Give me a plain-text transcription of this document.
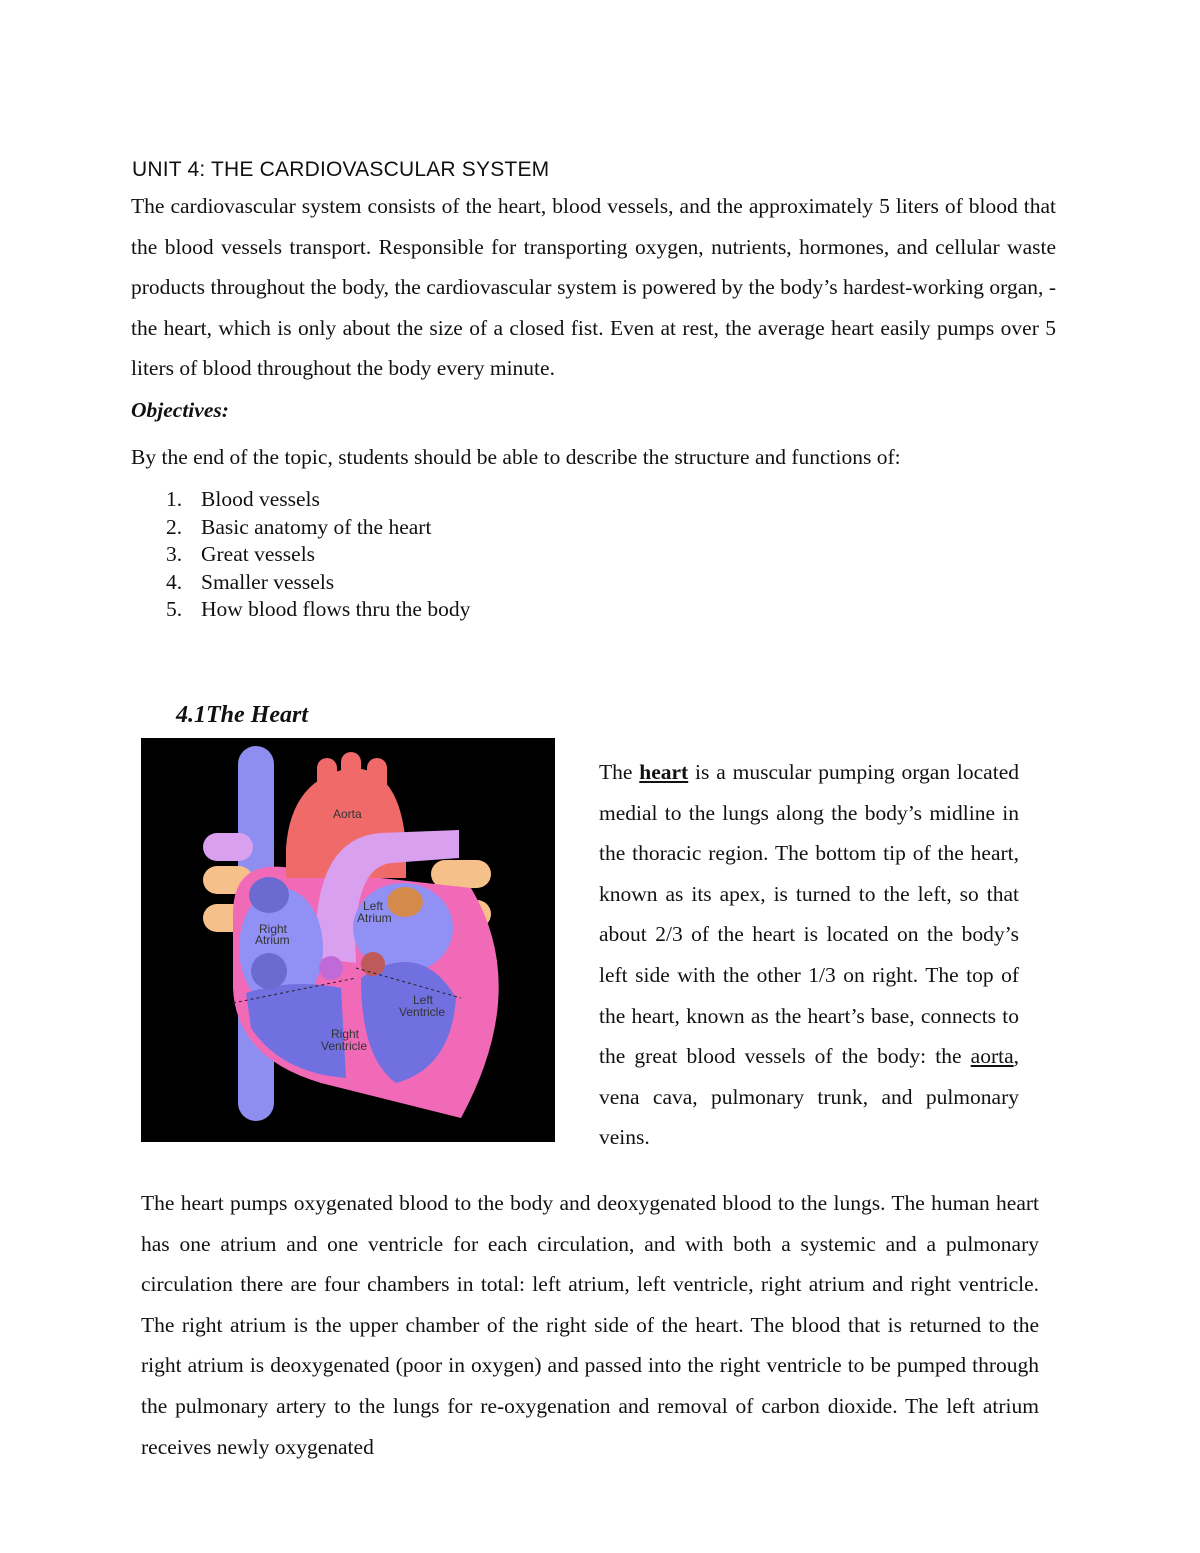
UNIT 4: THE CARDIOVASCULAR SYSTEM

The cardiovascular system consists of the heart, blood vessels, and the approximately 5 liters of blood that the blood vessels transport. Responsible for transporting oxygen, nutrients, hormones, and cellular waste products throughout the body, the cardiovascular system is powered by the body’s hardest-working organ, - the heart, which is only about the size of a closed fist. Even at rest, the average heart easily pumps over 5 liters of blood throughout the body every minute.

Objectives:

By the end of the topic, students should be able to describe the structure and functions of:

1. Blood vessels
2. Basic anatomy of the heart
3. Great vessels
4. Smaller vessels
5. How blood flows thru the body
4.1The Heart
Aorta
Left
Atrium
Right
Atrium
Left
Ventricle
Right
Ventricle

The heart is a muscular pumping organ located medial to the lungs along the body’s midline in the thoracic region. The bottom tip of the heart, known as its apex, is turned to the left, so that about 2/3 of the heart is located on the body’s left side with the other 1/3 on right. The top of the heart, known as the heart’s base, connects to the great blood vessels of the body: the aorta, vena cava, pulmonary trunk, and pulmonary veins.

The heart pumps oxygenated blood to the body and deoxygenated blood to the lungs. The human heart has one atrium and one ventricle for each circulation, and with both a systemic and a pulmonary circulation there are four chambers in total: left atrium, left ventricle, right atrium and right ventricle. The right atrium is the upper chamber of the right side of the heart. The blood that is returned to the right atrium is deoxygenated (poor in oxygen) and passed into the right ventricle to be pumped through the pulmonary artery to the lungs for re-oxygenation and removal of carbon dioxide. The left atrium receives newly oxygenated
